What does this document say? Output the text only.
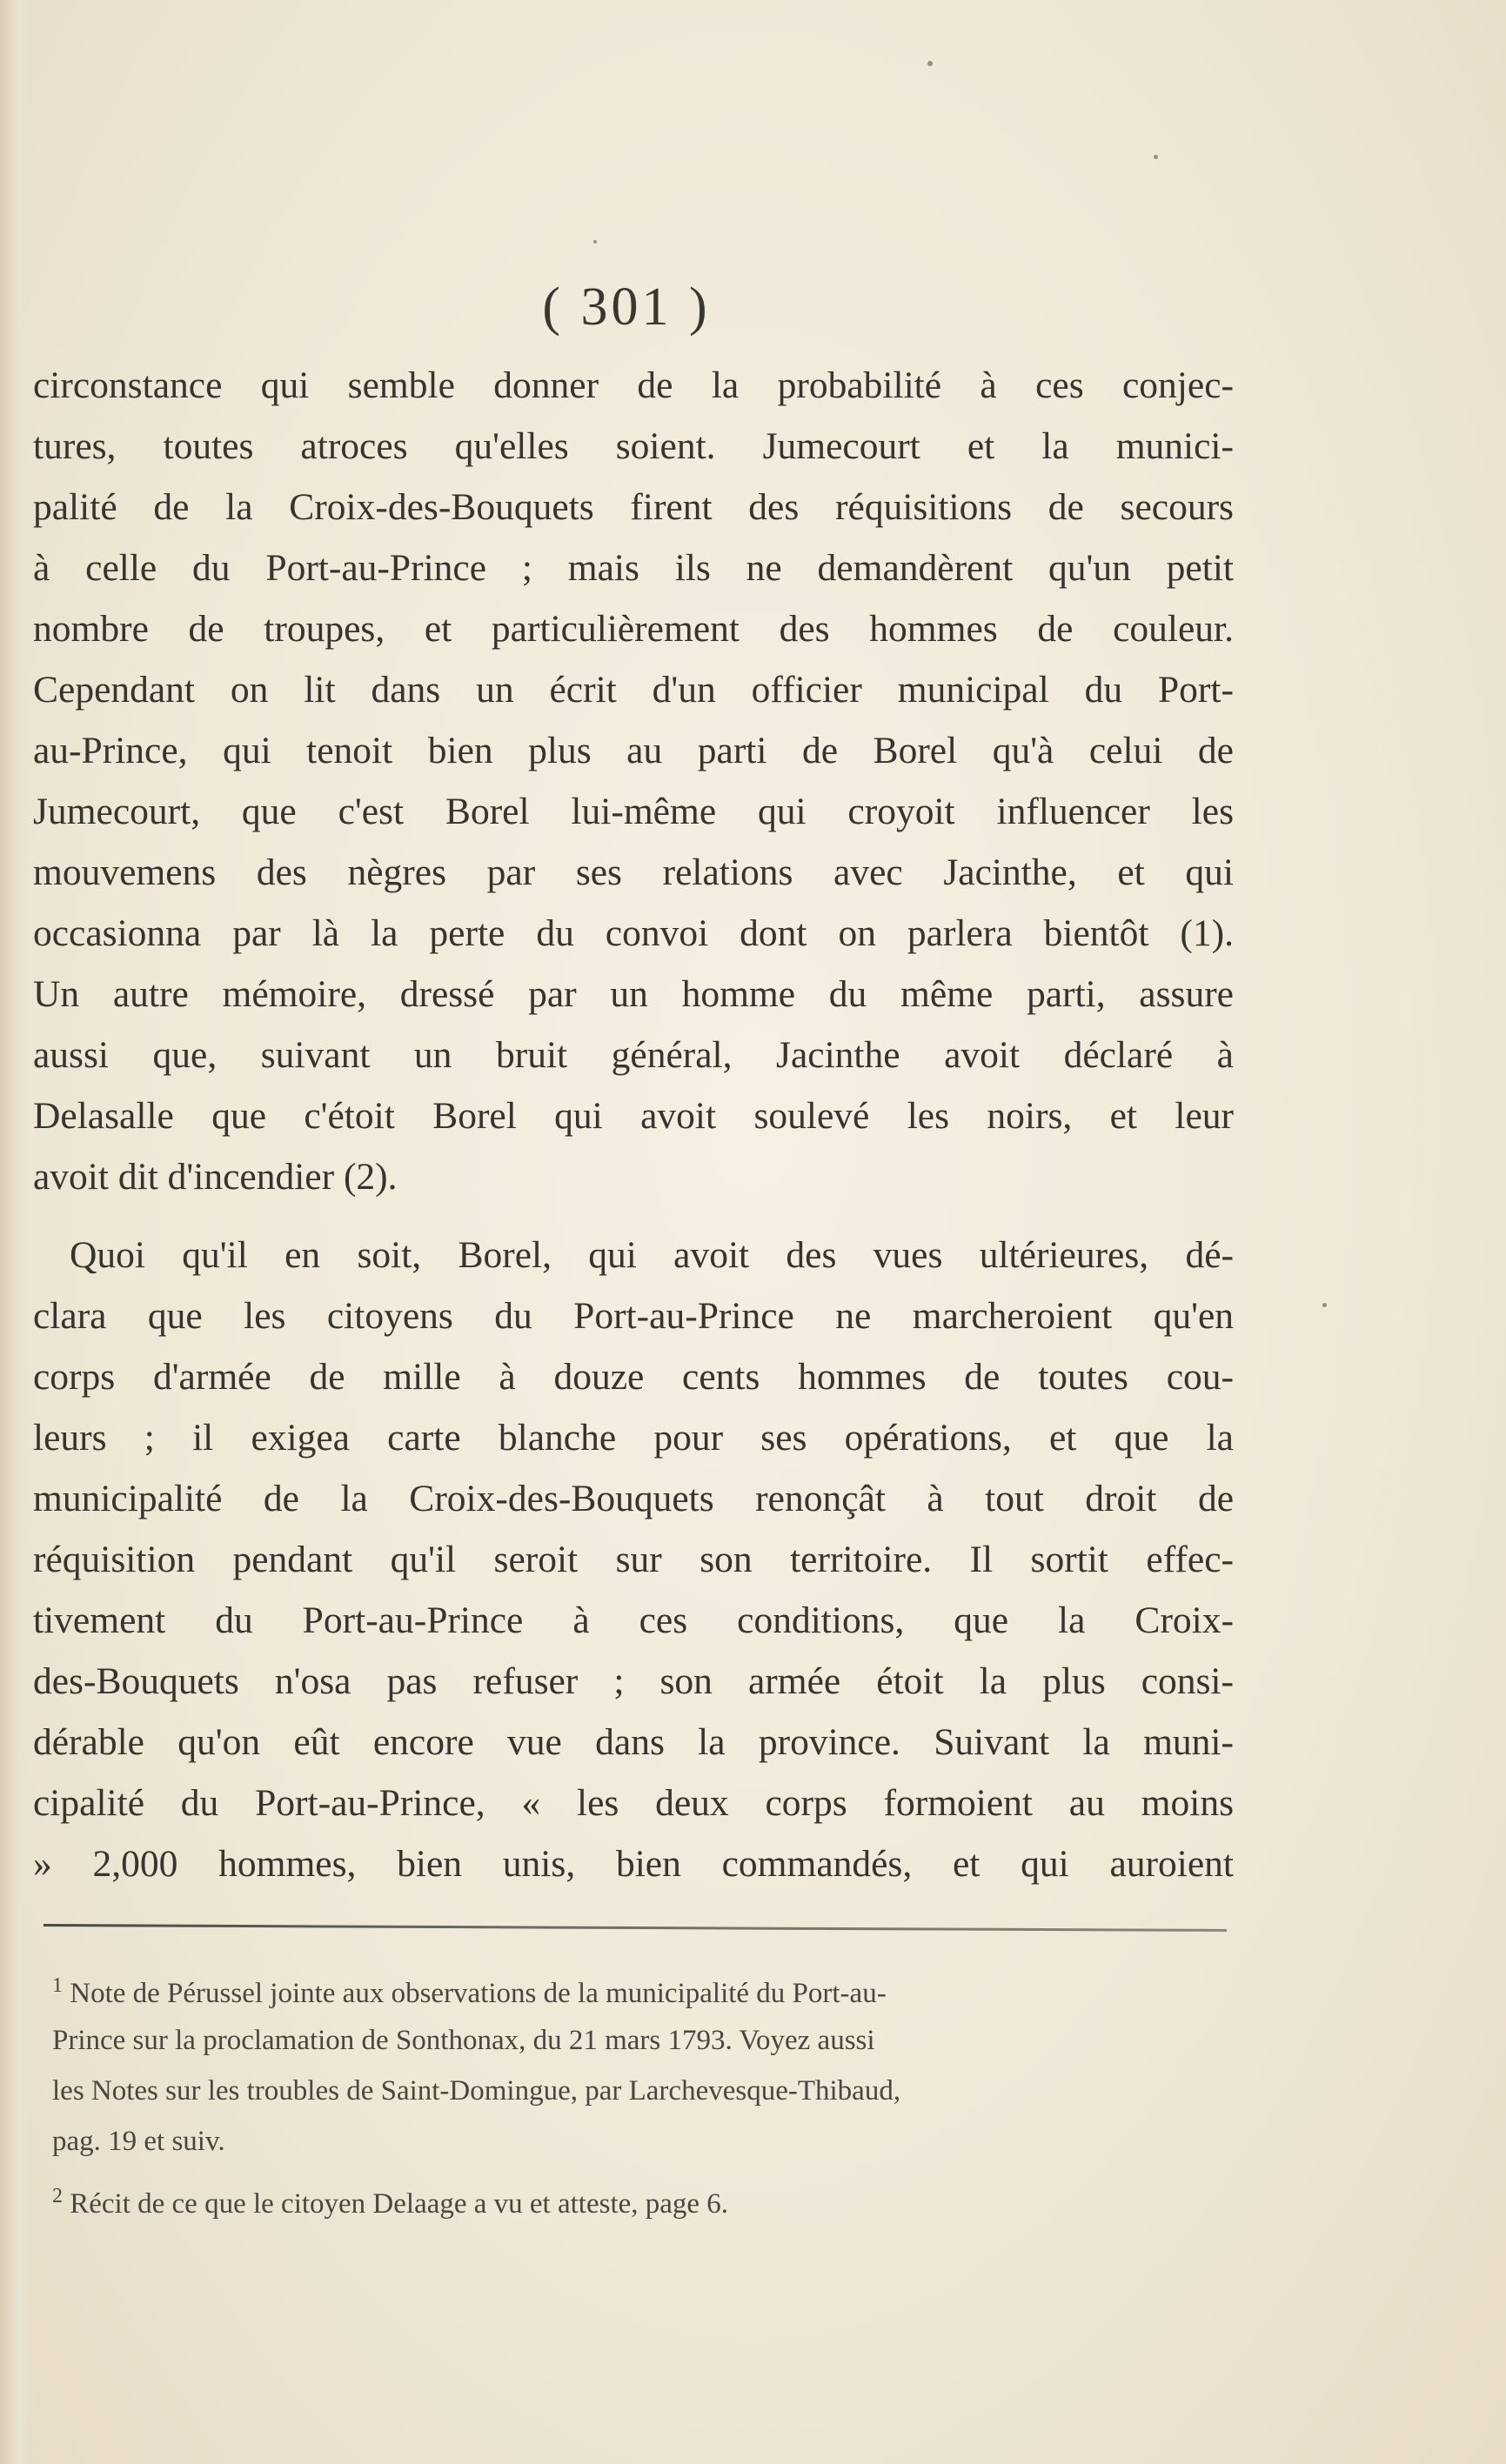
( 301 )
circonstance qui semble donner de la probabilité à ces conjec-
tures, toutes atroces qu'elles soient. Jumecourt et la munici-
palité de la Croix-des-Bouquets firent des réquisitions de secours
à celle du Port-au-Prince ; mais ils ne demandèrent qu'un petit
nombre de troupes, et particulièrement des hommes de couleur.
Cependant on lit dans un écrit d'un officier municipal du Port-
au-Prince, qui tenoit bien plus au parti de Borel qu'à celui de
Jumecourt, que c'est Borel lui-même qui croyoit influencer les
mouvemens des nègres par ses relations avec Jacinthe, et qui
occasionna par là la perte du convoi dont on parlera bientôt (1).
Un autre mémoire, dressé par un homme du même parti, assure
aussi que, suivant un bruit général, Jacinthe avoit déclaré à
Delasalle que c'étoit Borel qui avoit soulevé les noirs, et leur
avoit dit d'incendier (2).
Quoi qu'il en soit, Borel, qui avoit des vues ultérieures, dé-
clara que les citoyens du Port-au-Prince ne marcheroient qu'en
corps d'armée de mille à douze cents hommes de toutes cou-
leurs ; il exigea carte blanche pour ses opérations, et que la
municipalité de la Croix-des-Bouquets renonçât à tout droit de
réquisition pendant qu'il seroit sur son territoire. Il sortit effec-
tivement du Port-au-Prince à ces conditions, que la Croix-
des-Bouquets n'osa pas refuser ; son armée étoit la plus consi-
dérable qu'on eût encore vue dans la province. Suivant la muni-
cipalité du Port-au-Prince, « les deux corps formoient au moins
» 2,000 hommes, bien unis, bien commandés, et qui auroient
$^1$ Note de Pérussel jointe aux observations de la municipalité du Port-au-
Prince sur la proclamation de Sonthonax, du 21 mars 1793. Voyez aussi
les Notes sur les troubles de Saint-Domingue, par Larchevesque-Thibaud,
pag. 19 et suiv.
$^2$ Récit de ce que le citoyen Delaage a vu et atteste, page 6.
